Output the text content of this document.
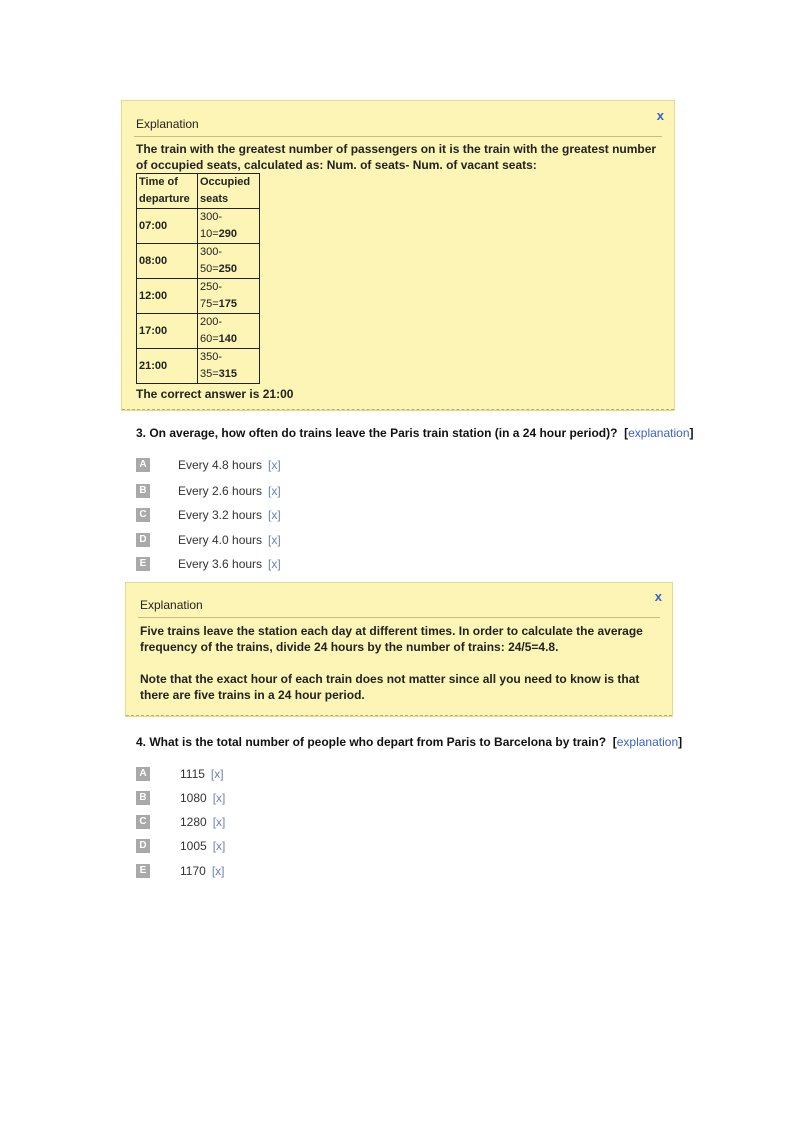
Explanation
x
The train with the greatest number of passengers on it is the train with the greatest number of occupied seats, calculated as: Num. of seats- Num. of vacant seats:
Time of departure	Occupied seats
07:00	300-10=290
08:00	300-50=250
12:00	250-75=175
17:00	200-60=140
21:00	350-35=315
The correct answer is 21:00
3. On average, how often do trains leave the Paris train station (in a 24 hour period)? [explanation]
A	Every 4.8 hours [x]
B	Every 2.6 hours [x]
C	Every 3.2 hours [x]
D	Every 4.0 hours [x]
E	Every 3.6 hours [x]
Explanation
x
Five trains leave the station each day at different times. In order to calculate the average frequency of the trains, divide 24 hours by the number of trains: 24/5=4.8.
Note that the exact hour of each train does not matter since all you need to know is that there are five trains in a 24 hour period.
4. What is the total number of people who depart from Paris to Barcelona by train? [explanation]
A	1115 [x]
B	1080 [x]
C	1280 [x]
D	1005 [x]
E	1170 [x]
